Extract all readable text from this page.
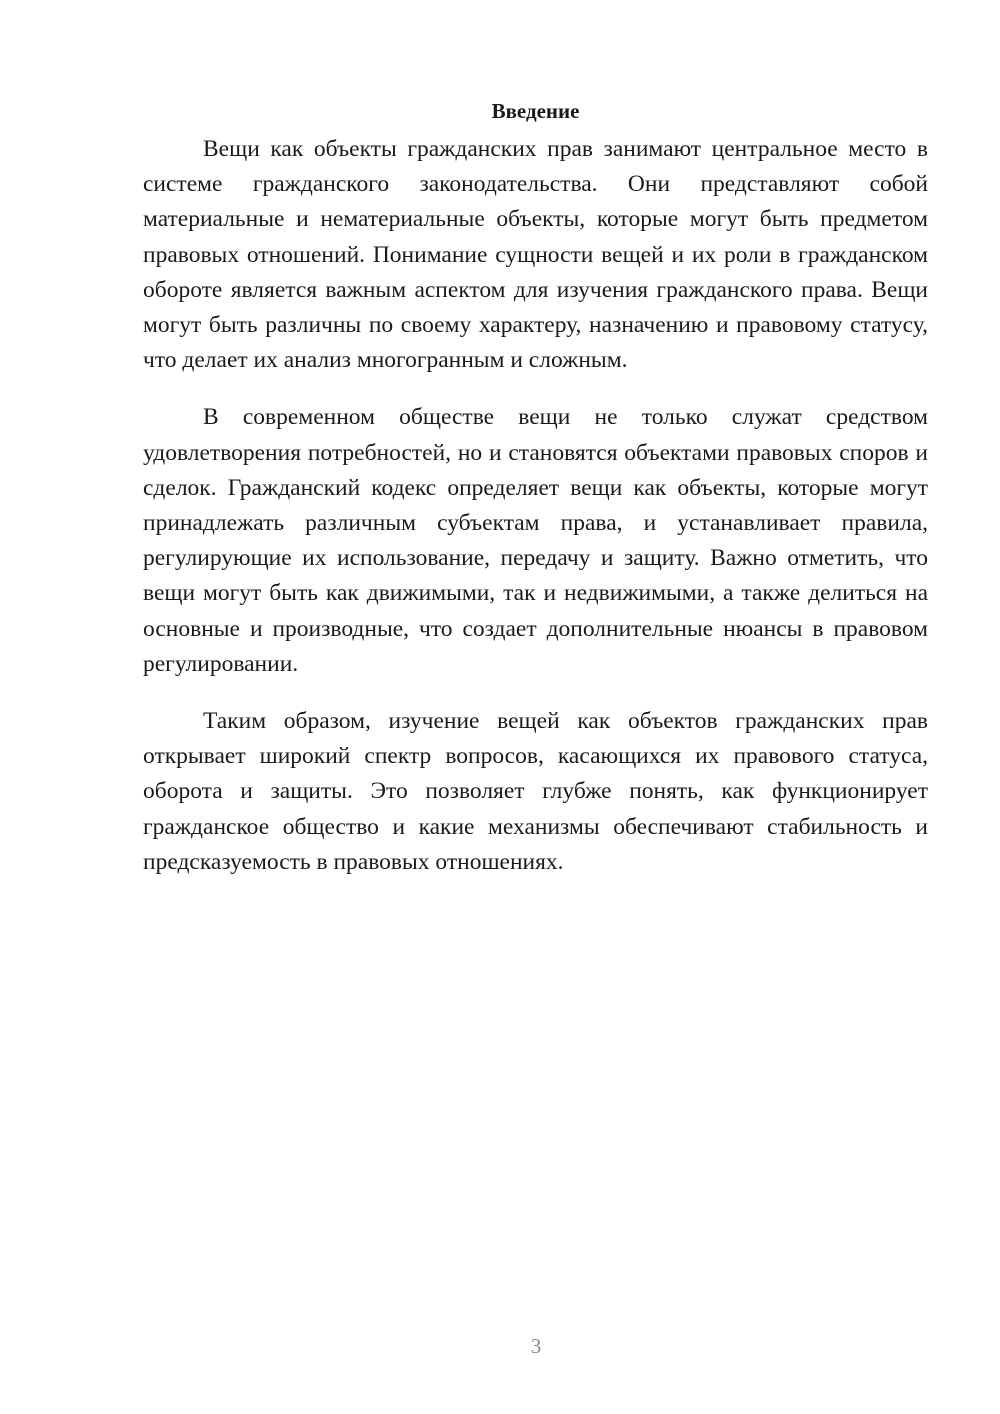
Введение

Вещи как объекты гражданских прав занимают центральное место в системе гражданского законодательства. Они представляют собой материальные и нематериальные объекты, которые могут быть предметом правовых отношений. Понимание сущности вещей и их роли в гражданском обороте является важным аспектом для изучения гражданского права. Вещи могут быть различны по своему характеру, назначению и правовому статусу, что делает их анализ многогранным и сложным.

В современном обществе вещи не только служат средством удовлетворения потребностей, но и становятся объектами правовых споров и сделок. Гражданский кодекс определяет вещи как объекты, которые могут принадлежать различным субъектам права, и устанавливает правила, регулирующие их использование, передачу и защиту. Важно отметить, что вещи могут быть как движимыми, так и недвижимыми, а также делиться на основные и производные, что создает дополнительные нюансы в правовом регулировании.

Таким образом, изучение вещей как объектов гражданских прав открывает широкий спектр вопросов, касающихся их правового статуса, оборота и защиты. Это позволяет глубже понять, как функционирует гражданское общество и какие механизмы обеспечивают стабильность и предсказуемость в правовых отношениях.

3
